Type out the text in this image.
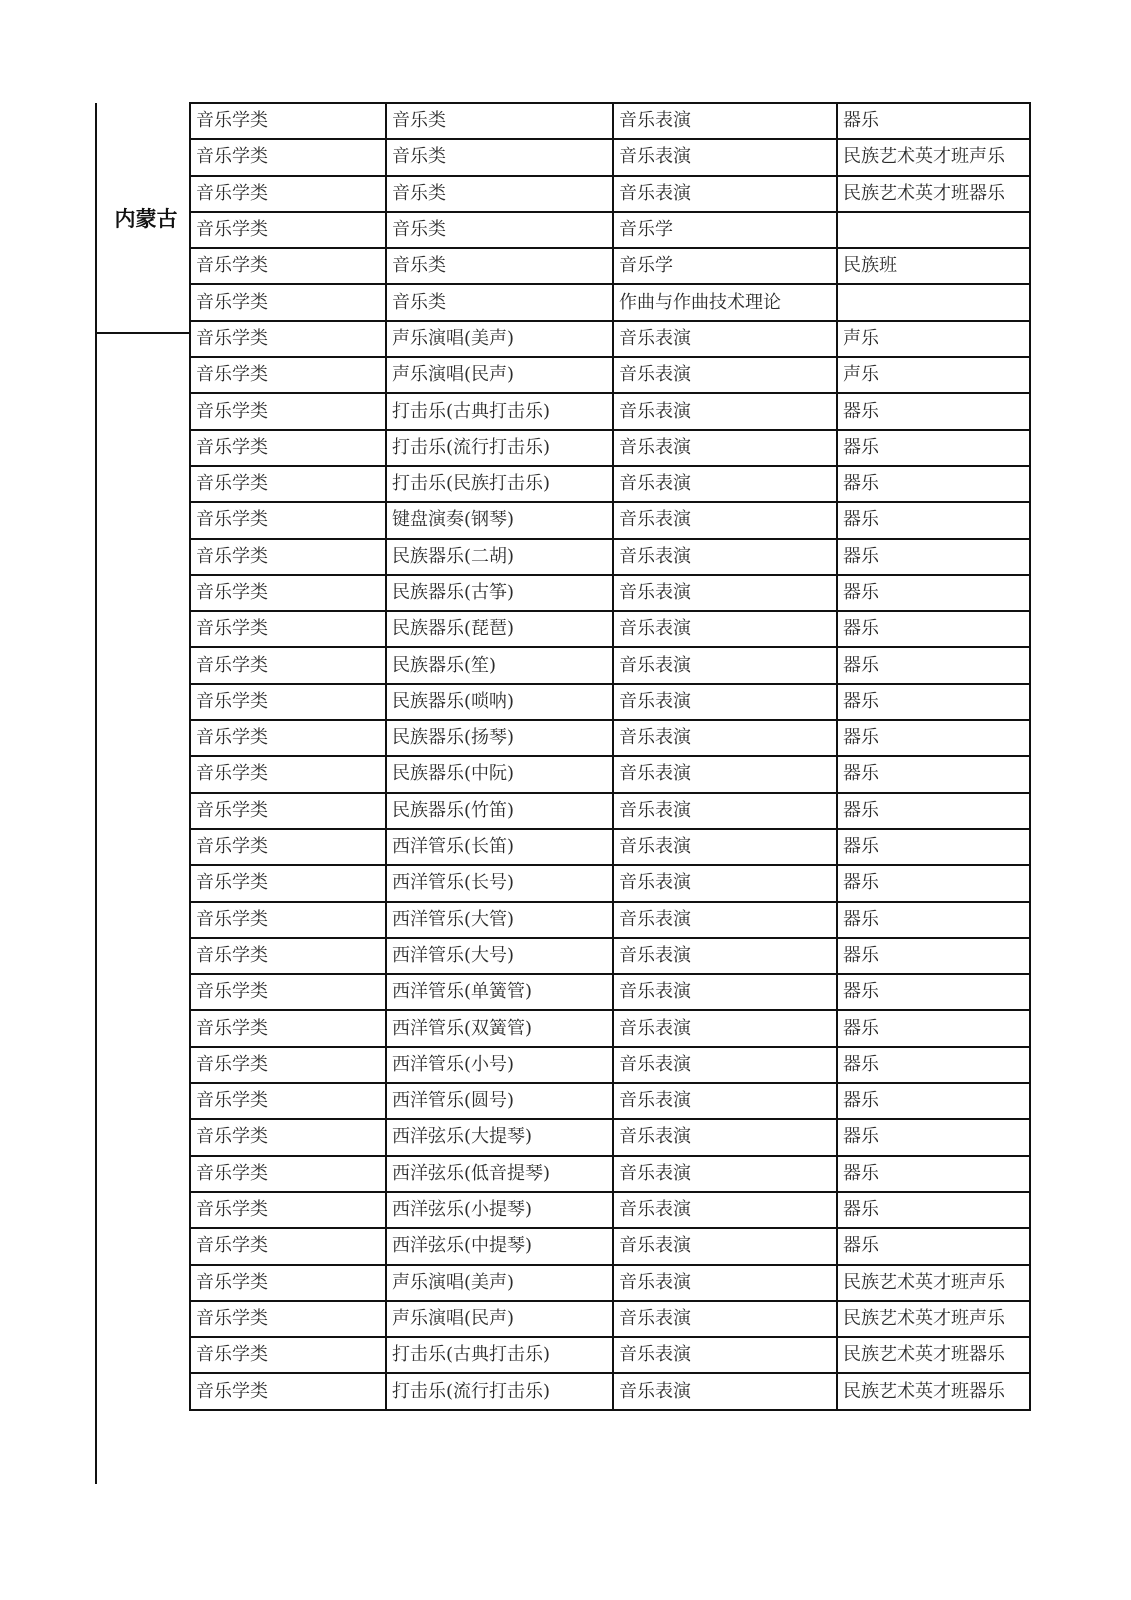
内蒙古
音乐学类	音乐类	音乐表演	器乐
音乐学类	音乐类	音乐表演	民族艺术英才班声乐
音乐学类	音乐类	音乐表演	民族艺术英才班器乐
音乐学类	音乐类	音乐学	
音乐学类	音乐类	音乐学	民族班
音乐学类	音乐类	作曲与作曲技术理论	
音乐学类	声乐演唱(美声)	音乐表演	声乐
音乐学类	声乐演唱(民声)	音乐表演	声乐
音乐学类	打击乐(古典打击乐)	音乐表演	器乐
音乐学类	打击乐(流行打击乐)	音乐表演	器乐
音乐学类	打击乐(民族打击乐)	音乐表演	器乐
音乐学类	键盘演奏(钢琴)	音乐表演	器乐
音乐学类	民族器乐(二胡)	音乐表演	器乐
音乐学类	民族器乐(古筝)	音乐表演	器乐
音乐学类	民族器乐(琵琶)	音乐表演	器乐
音乐学类	民族器乐(笙)	音乐表演	器乐
音乐学类	民族器乐(唢呐)	音乐表演	器乐
音乐学类	民族器乐(扬琴)	音乐表演	器乐
音乐学类	民族器乐(中阮)	音乐表演	器乐
音乐学类	民族器乐(竹笛)	音乐表演	器乐
音乐学类	西洋管乐(长笛)	音乐表演	器乐
音乐学类	西洋管乐(长号)	音乐表演	器乐
音乐学类	西洋管乐(大管)	音乐表演	器乐
音乐学类	西洋管乐(大号)	音乐表演	器乐
音乐学类	西洋管乐(单簧管)	音乐表演	器乐
音乐学类	西洋管乐(双簧管)	音乐表演	器乐
音乐学类	西洋管乐(小号)	音乐表演	器乐
音乐学类	西洋管乐(圆号)	音乐表演	器乐
音乐学类	西洋弦乐(大提琴)	音乐表演	器乐
音乐学类	西洋弦乐(低音提琴)	音乐表演	器乐
音乐学类	西洋弦乐(小提琴)	音乐表演	器乐
音乐学类	西洋弦乐(中提琴)	音乐表演	器乐
音乐学类	声乐演唱(美声)	音乐表演	民族艺术英才班声乐
音乐学类	声乐演唱(民声)	音乐表演	民族艺术英才班声乐
音乐学类	打击乐(古典打击乐)	音乐表演	民族艺术英才班器乐
音乐学类	打击乐(流行打击乐)	音乐表演	民族艺术英才班器乐
